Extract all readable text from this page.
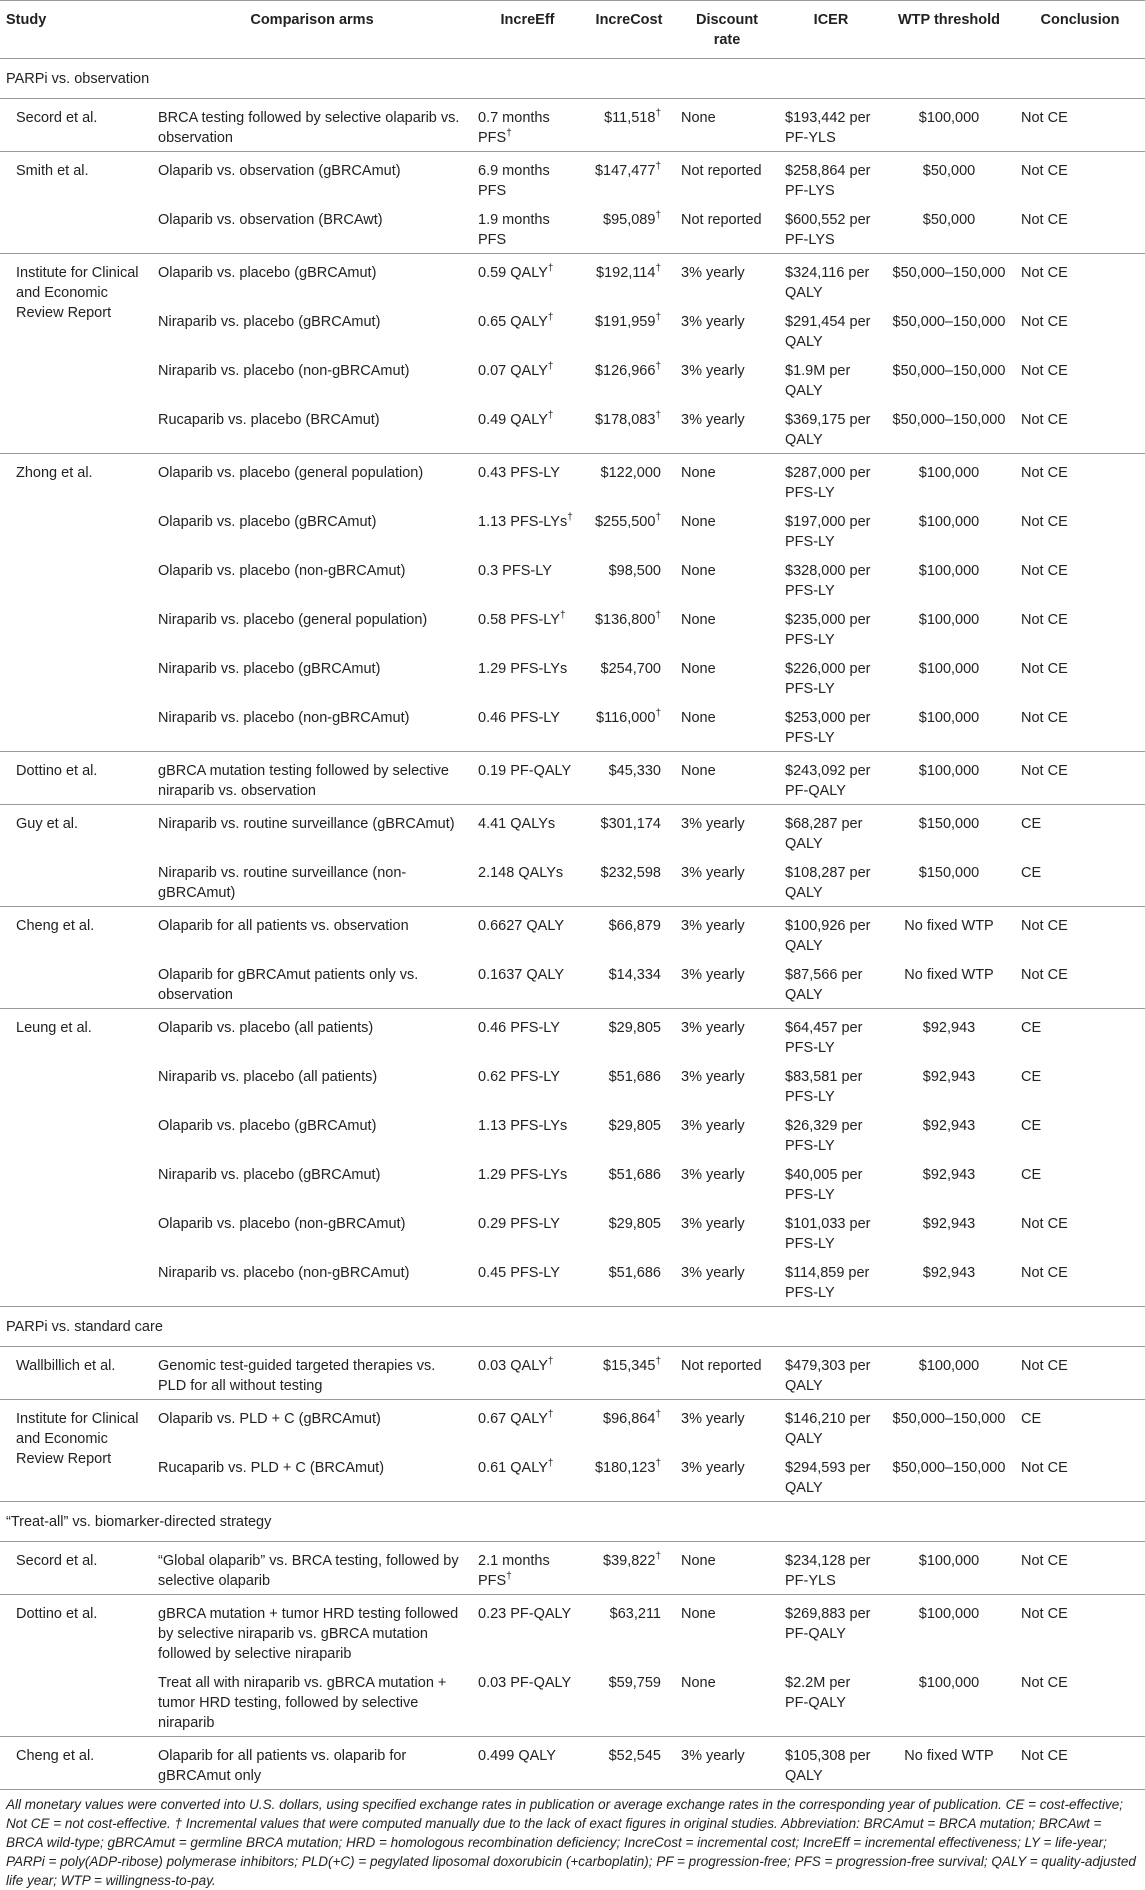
Study	Comparison arms	IncreEff	IncreCost	Discount rate	ICER	WTP threshold	Conclusion
PARPi vs. observation							
Secord et al.	BRCA testing followed by selective olaparib vs. observation	0.7 months PFS†	$11,518†	None	$193,442 per PF-YLS	$100,000	Not CE
Smith et al.	Olaparib vs. observation (gBRCAmut)	6.9 months PFS	$147,477†	Not reported	$258,864 per PF-LYS	$50,000	Not CE
	Olaparib vs. observation (BRCAwt)	1.9 months PFS	$95,089†	Not reported	$600,552 per PF-LYS	$50,000	Not CE
Institute for Clinical and Economic Review Report	Olaparib vs. placebo (gBRCAmut)	0.59 QALY†	$192,114†	3% yearly	$324,116 per QALY	$50,000–150,000	Not CE
	Niraparib vs. placebo (gBRCAmut)	0.65 QALY†	$191,959†	3% yearly	$291,454 per QALY	$50,000–150,000	Not CE
	Niraparib vs. placebo (non-gBRCAmut)	0.07 QALY†	$126,966†	3% yearly	$1.9M per QALY	$50,000–150,000	Not CE
	Rucaparib vs. placebo (BRCAmut)	0.49 QALY†	$178,083†	3% yearly	$369,175 per QALY	$50,000–150,000	Not CE
Zhong et al.	Olaparib vs. placebo (general population)	0.43 PFS-LY	$122,000	None	$287,000 per PFS-LY	$100,000	Not CE
	Olaparib vs. placebo (gBRCAmut)	1.13 PFS-LYs†	$255,500†	None	$197,000 per PFS-LY	$100,000	Not CE
	Olaparib vs. placebo (non-gBRCAmut)	0.3 PFS-LY	$98,500	None	$328,000 per PFS-LY	$100,000	Not CE
	Niraparib vs. placebo (general population)	0.58 PFS-LY†	$136,800†	None	$235,000 per PFS-LY	$100,000	Not CE
	Niraparib vs. placebo (gBRCAmut)	1.29 PFS-LYs	$254,700	None	$226,000 per PFS-LY	$100,000	Not CE
	Niraparib vs. placebo (non-gBRCAmut)	0.46 PFS-LY	$116,000†	None	$253,000 per PFS-LY	$100,000	Not CE
Dottino et al.	gBRCA mutation testing followed by selective niraparib vs. observation	0.19 PF-QALY	$45,330	None	$243,092 per PF-QALY	$100,000	Not CE
Guy et al.	Niraparib vs. routine surveillance (gBRCAmut)	4.41 QALYs	$301,174	3% yearly	$68,287 per QALY	$150,000	CE
	Niraparib vs. routine surveillance (non-gBRCAmut)	2.148 QALYs	$232,598	3% yearly	$108,287 per QALY	$150,000	CE
Cheng et al.	Olaparib for all patients vs. observation	0.6627 QALY	$66,879	3% yearly	$100,926 per QALY	No fixed WTP	Not CE
	Olaparib for gBRCAmut patients only vs. observation	0.1637 QALY	$14,334	3% yearly	$87,566 per QALY	No fixed WTP	Not CE
Leung et al.	Olaparib vs. placebo (all patients)	0.46 PFS-LY	$29,805	3% yearly	$64,457 per PFS-LY	$92,943	CE
	Niraparib vs. placebo (all patients)	0.62 PFS-LY	$51,686	3% yearly	$83,581 per PFS-LY	$92,943	CE
	Olaparib vs. placebo (gBRCAmut)	1.13 PFS-LYs	$29,805	3% yearly	$26,329 per PFS-LY	$92,943	CE
	Niraparib vs. placebo (gBRCAmut)	1.29 PFS-LYs	$51,686	3% yearly	$40,005 per PFS-LY	$92,943	CE
	Olaparib vs. placebo (non-gBRCAmut)	0.29 PFS-LY	$29,805	3% yearly	$101,033 per PFS-LY	$92,943	Not CE
	Niraparib vs. placebo (non-gBRCAmut)	0.45 PFS-LY	$51,686	3% yearly	$114,859 per PFS-LY	$92,943	Not CE
PARPi vs. standard care							
Wallbillich et al.	Genomic test-guided targeted therapies vs. PLD for all without testing	0.03 QALY†	$15,345†	Not reported	$479,303 per QALY	$100,000	Not CE
Institute for Clinical and Economic Review Report	Olaparib vs. PLD + C (gBRCAmut)	0.67 QALY†	$96,864†	3% yearly	$146,210 per QALY	$50,000–150,000	CE
	Rucaparib vs. PLD + C (BRCAmut)	0.61 QALY†	$180,123†	3% yearly	$294,593 per QALY	$50,000–150,000	Not CE
“Treat-all” vs. biomarker-directed strategy							
Secord et al.	“Global olaparib” vs. BRCA testing, followed by selective olaparib	2.1 months PFS†	$39,822†	None	$234,128 per PF-YLS	$100,000	Not CE
Dottino et al.	gBRCA mutation + tumor HRD testing followed by selective niraparib vs. gBRCA mutation followed by selective niraparib	0.23 PF-QALY	$63,211	None	$269,883 per PF-QALY	$100,000	Not CE
	Treat all with niraparib vs. gBRCA mutation + tumor HRD testing, followed by selective niraparib	0.03 PF-QALY	$59,759	None	$2.2M per PF-QALY	$100,000	Not CE
Cheng et al.	Olaparib for all patients vs. olaparib for gBRCAmut only	0.499 QALY	$52,545	3% yearly	$105,308 per QALY	No fixed WTP	Not CE
All monetary values were converted into U.S. dollars, using specified exchange rates in publication or average exchange rates in the corresponding year of publication. CE = cost-effective; Not CE = not cost-effective. † Incremental values that were computed manually due to the lack of exact figures in original studies. Abbreviation: BRCAmut = BRCA mutation; BRCAwt = BRCA wild-type; gBRCAmut = germline BRCA mutation; HRD = homologous recombination deficiency; IncreCost = incremental cost; IncreEff = incremental effectiveness; LY = life-year; PARPi = poly(ADP-ribose) polymerase inhibitors; PLD(+C) = pegylated liposomal doxorubicin (+carboplatin); PF = progression-free; PFS = progression-free survival; QALY = quality-adjusted life year; WTP = willingness-to-pay.
